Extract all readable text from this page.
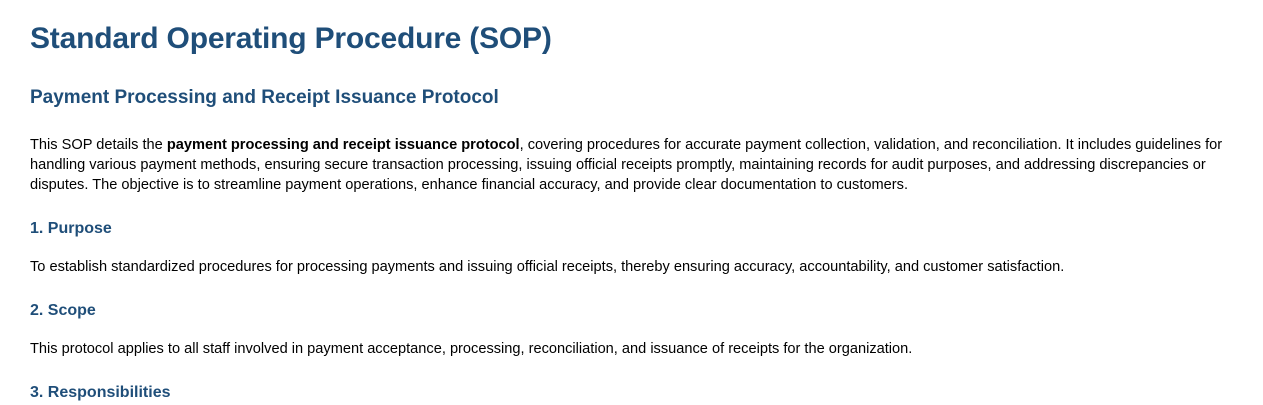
Standard Operating Procedure (SOP)
Payment Processing and Receipt Issuance Protocol

This SOP details the payment processing and receipt issuance protocol, covering procedures for accurate payment collection, validation, and reconciliation. It includes guidelines for handling various payment methods, ensuring secure transaction processing, issuing official receipts promptly, maintaining records for audit purposes, and addressing discrepancies or disputes. The objective is to streamline payment operations, enhance financial accuracy, and provide clear documentation to customers.

1. Purpose

To establish standardized procedures for processing payments and issuing official receipts, thereby ensuring accuracy, accountability, and customer satisfaction.

2. Scope

This protocol applies to all staff involved in payment acceptance, processing, reconciliation, and issuance of receipts for the organization.

3. Responsibilities
